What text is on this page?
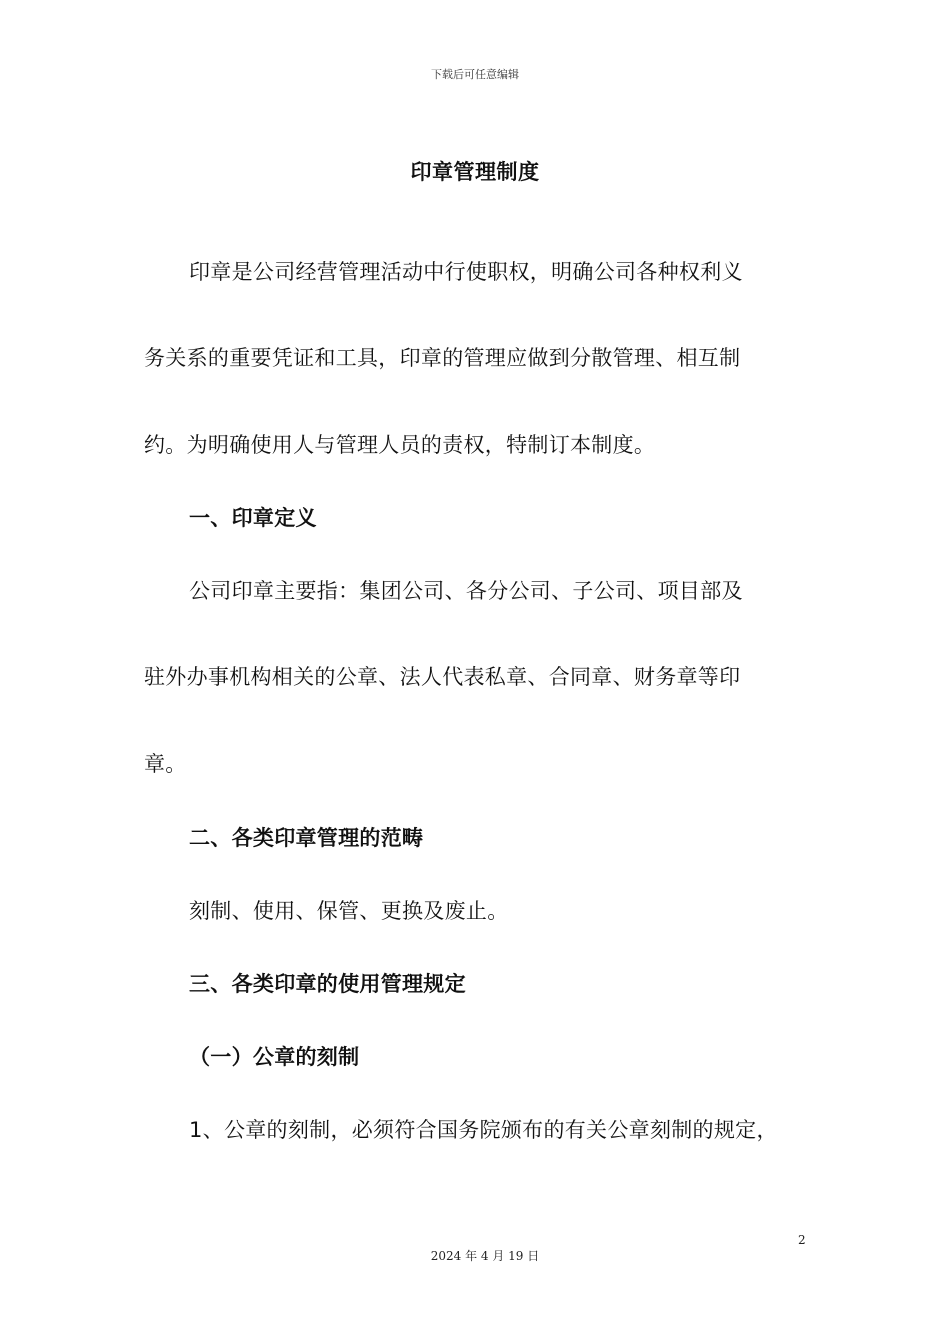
下载后可任意编辑
印章管理制度
印章是公司经营管理活动中行使职权，明确公司各种权利义
务关系的重要凭证和工具，印章的管理应做到分散管理、相互制
约。为明确使用人与管理人员的责权，特制订本制度。
一、印章定义
公司印章主要指：集团公司、各分公司、子公司、项目部及
驻外办事机构相关的公章、法人代表私章、合同章、财务章等印
章。
二、各类印章管理的范畴
刻制、使用、保管、更换及废止。
三、各类印章的使用管理规定
（一）公章的刻制
1、公章的刻制，必须符合国务院颁布的有关公章刻制的规定，
2
2024 年 4 月 19 日
